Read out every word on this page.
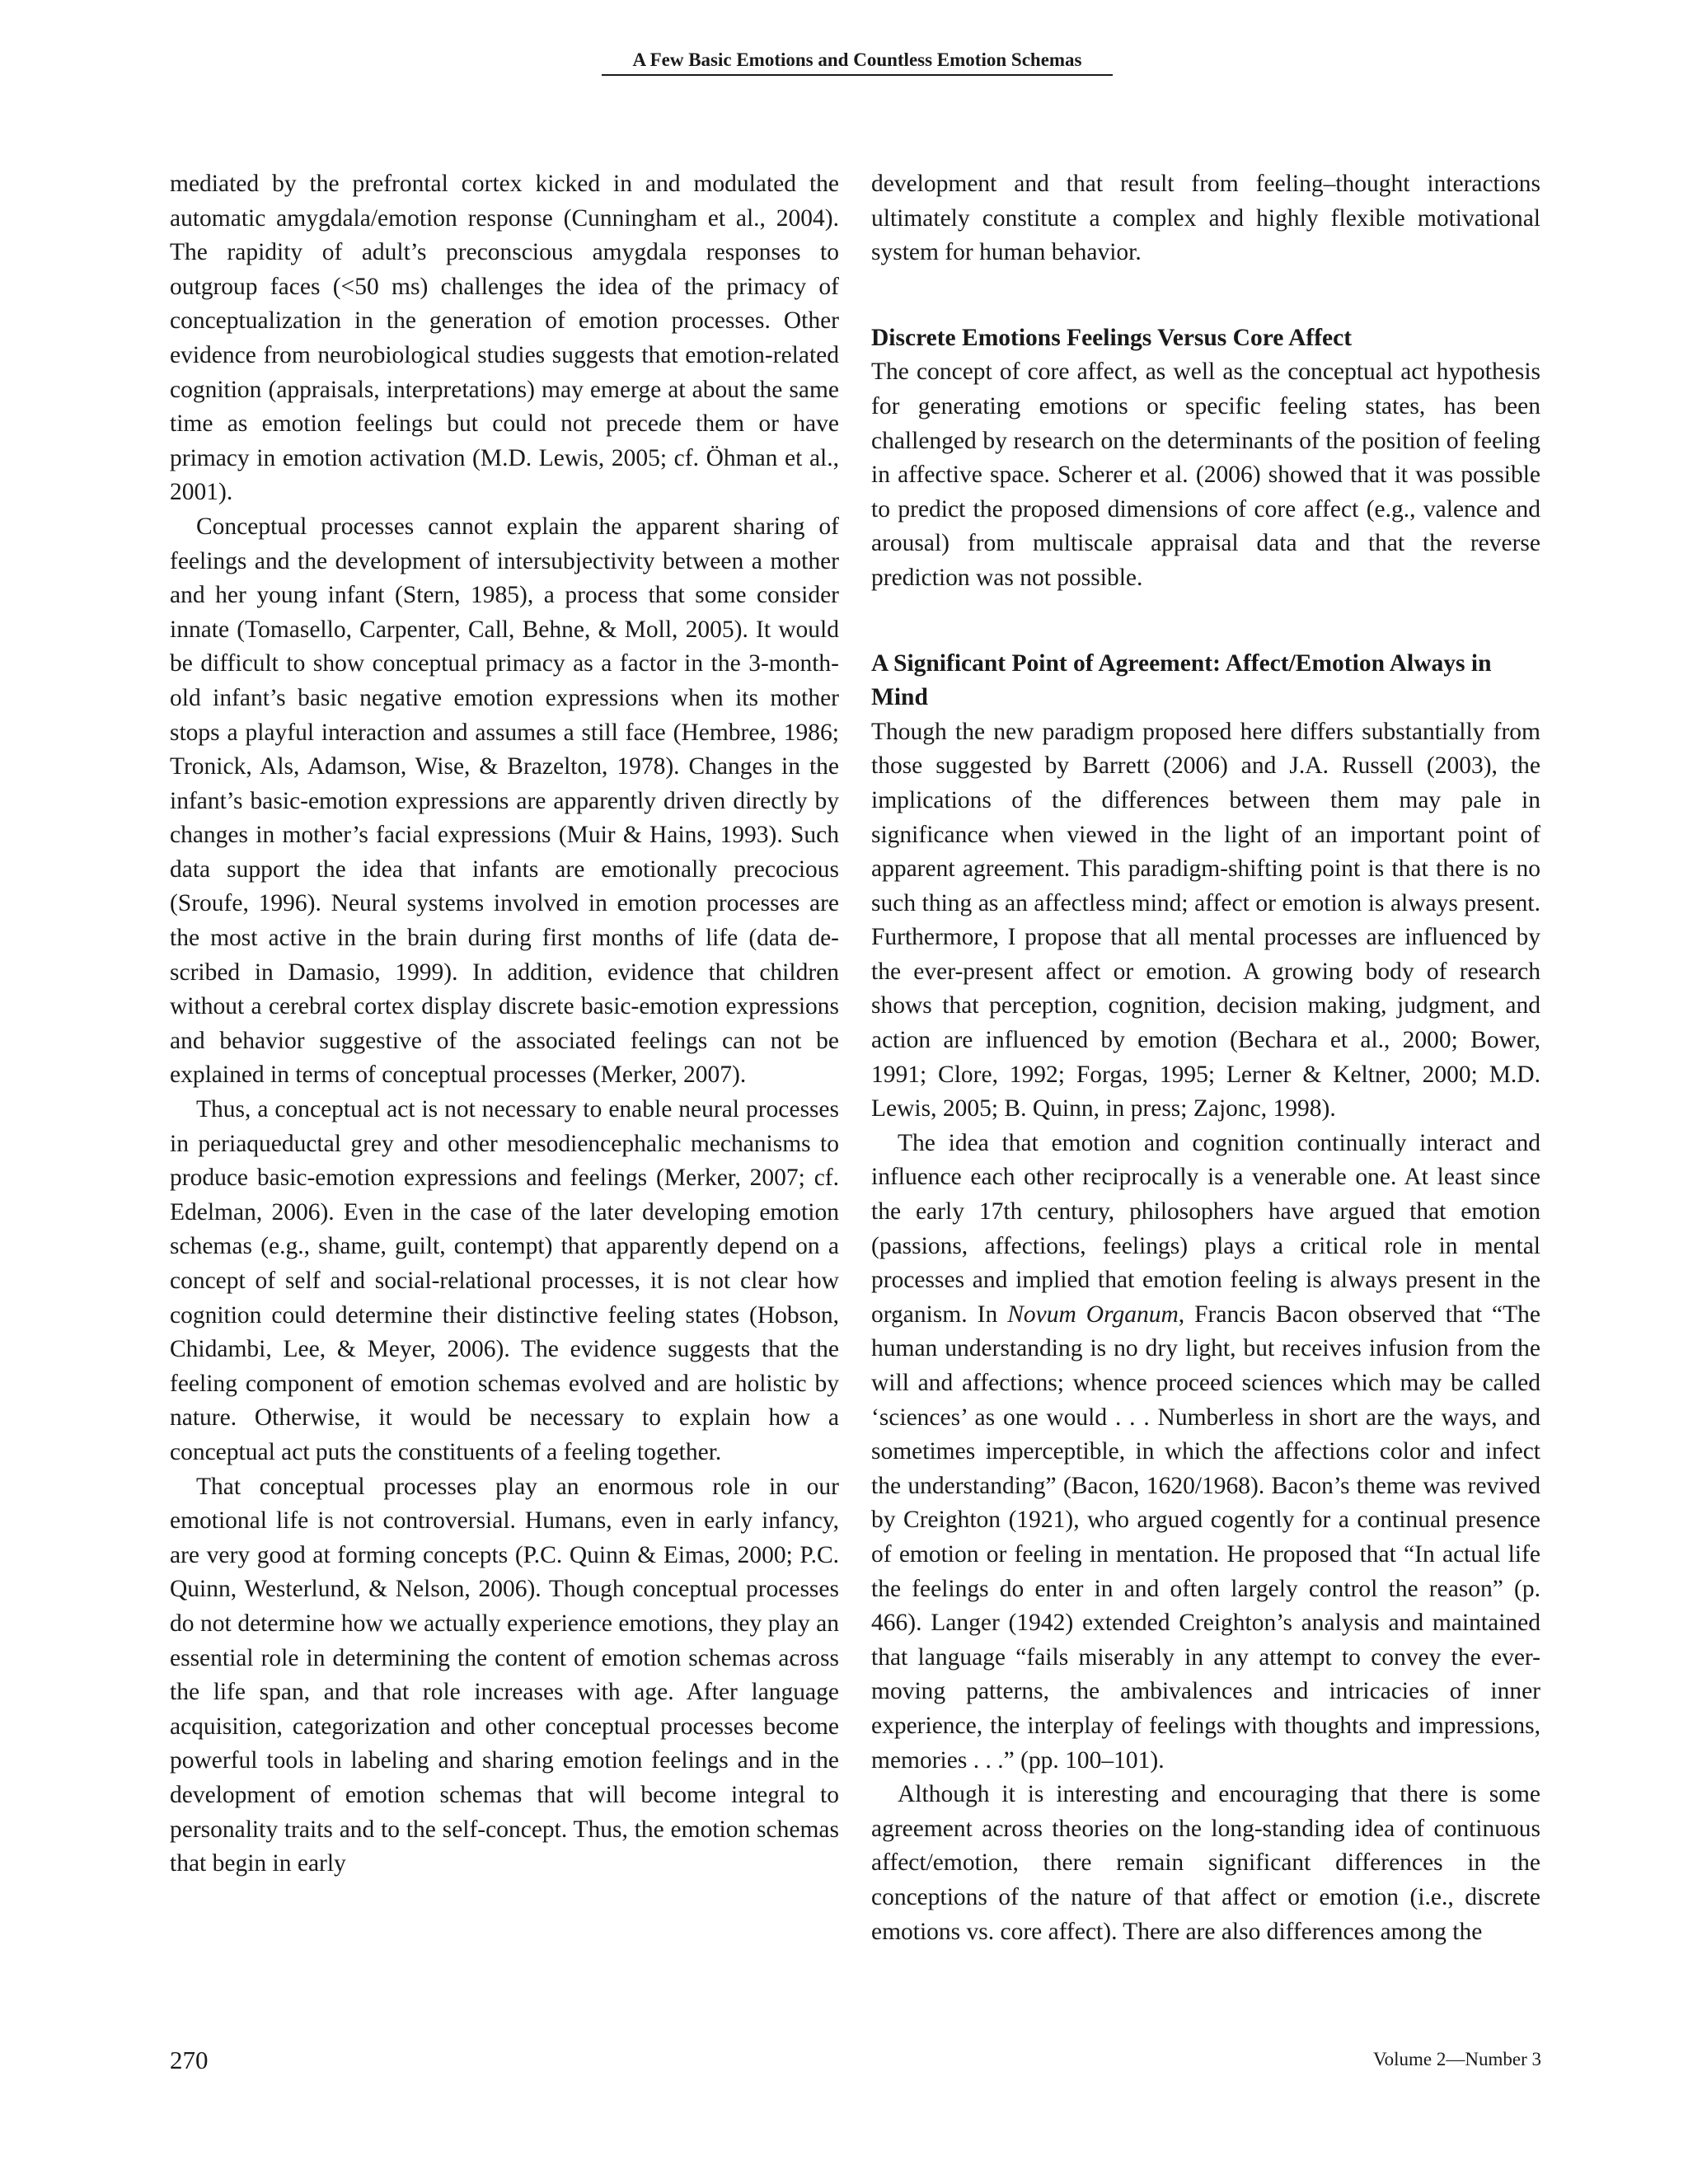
A Few Basic Emotions and Countless Emotion Schemas

mediated by the prefrontal cortex kicked in and modulated the automatic amygdala/emotion response (Cunningham et al., 2004). The rapidity of adult’s preconscious amygdala responses to outgroup faces (<50 ms) challenges the idea of the primacy of conceptualization in the generation of emotion processes. Other evidence from neurobiological studies suggests that emotion-related cognition (appraisals, interpretations) may emerge at about the same time as emotion feelings but could not precede them or have primacy in emotion activation (M.D. Lewis, 2005; cf. Öhman et al., 2001).

Conceptual processes cannot explain the apparent sharing of feelings and the development of intersubjectivity between a mother and her young infant (Stern, 1985), a process that some consider innate (Tomasello, Carpenter, Call, Behne, & Moll, 2005). It would be difficult to show conceptual primacy as a factor in the 3-month-old infant’s basic negative emotion expressions when its mother stops a playful interaction and assumes a still face (Hembree, 1986; Tronick, Als, Adamson, Wise, & Brazelton, 1978). Changes in the infant’s basic-emotion expressions are apparently driven directly by changes in mother’s facial expressions (Muir & Hains, 1993). Such data support the idea that infants are emotionally precocious (Sroufe, 1996). Neural systems involved in emotion processes are the most active in the brain during first months of life (data described in Damasio, 1999). In addition, evidence that children without a cerebral cortex display discrete basic-emotion expressions and behavior suggestive of the associated feelings can not be explained in terms of conceptual processes (Merker, 2007).

Thus, a conceptual act is not necessary to enable neural processes in periaqueductal grey and other mesodiencephalic mechanisms to produce basic-emotion expressions and feelings (Merker, 2007; cf. Edelman, 2006). Even in the case of the later developing emotion schemas (e.g., shame, guilt, contempt) that apparently depend on a concept of self and social-relational processes, it is not clear how cognition could determine their distinctive feeling states (Hobson, Chidambi, Lee, & Meyer, 2006). The evidence suggests that the feeling component of emotion schemas evolved and are holistic by nature. Otherwise, it would be necessary to explain how a conceptual act puts the constituents of a feeling together.

That conceptual processes play an enormous role in our emotional life is not controversial. Humans, even in early infancy, are very good at forming concepts (P.C. Quinn & Eimas, 2000; P.C. Quinn, Westerlund, & Nelson, 2006). Though conceptual processes do not determine how we actually experience emotions, they play an essential role in determining the content of emotion schemas across the life span, and that role increases with age. After language acquisition, categorization and other conceptual processes become powerful tools in labeling and sharing emotion feelings and in the development of emotion schemas that will become integral to personality traits and to the self-concept. Thus, the emotion schemas that begin in early

development and that result from feeling–thought interactions ultimately constitute a complex and highly flexible motivational system for human behavior.

Discrete Emotions Feelings Versus Core Affect

The concept of core affect, as well as the conceptual act hypothesis for generating emotions or specific feeling states, has been challenged by research on the determinants of the position of feeling in affective space. Scherer et al. (2006) showed that it was possible to predict the proposed dimensions of core affect (e.g., valence and arousal) from multiscale appraisal data and that the reverse prediction was not possible.

A Significant Point of Agreement: Affect/Emotion Always in Mind

Though the new paradigm proposed here differs substantially from those suggested by Barrett (2006) and J.A. Russell (2003), the implications of the differences between them may pale in significance when viewed in the light of an important point of apparent agreement. This paradigm-shifting point is that there is no such thing as an affectless mind; affect or emotion is always present. Furthermore, I propose that all mental processes are influenced by the ever-present affect or emotion. A growing body of research shows that perception, cognition, decision making, judgment, and action are influenced by emotion (Bechara et al., 2000; Bower, 1991; Clore, 1992; Forgas, 1995; Lerner & Keltner, 2000; M.D. Lewis, 2005; B. Quinn, in press; Zajonc, 1998).

The idea that emotion and cognition continually interact and influence each other reciprocally is a venerable one. At least since the early 17th century, philosophers have argued that emotion (passions, affections, feelings) plays a critical role in mental processes and implied that emotion feeling is always present in the organism. In Novum Organum, Francis Bacon observed that “The human understanding is no dry light, but receives infusion from the will and affections; whence proceed sciences which may be called ‘sciences’ as one would . . . Numberless in short are the ways, and sometimes imperceptible, in which the affections color and infect the understanding” (Bacon, 1620/1968). Bacon’s theme was revived by Creighton (1921), who argued cogently for a continual presence of emotion or feeling in mentation. He proposed that “In actual life the feelings do enter in and often largely control the reason” (p. 466). Langer (1942) extended Creighton’s analysis and maintained that language “fails miserably in any attempt to convey the ever-moving patterns, the ambivalences and intricacies of inner experience, the interplay of feelings with thoughts and impressions, memories . . .” (pp. 100–101).

Although it is interesting and encouraging that there is some agreement across theories on the long-standing idea of continuous affect/emotion, there remain significant differences in the conceptions of the nature of that affect or emotion (i.e., discrete emotions vs. core affect). There are also differences among the

270	Volume 2—Number 3
